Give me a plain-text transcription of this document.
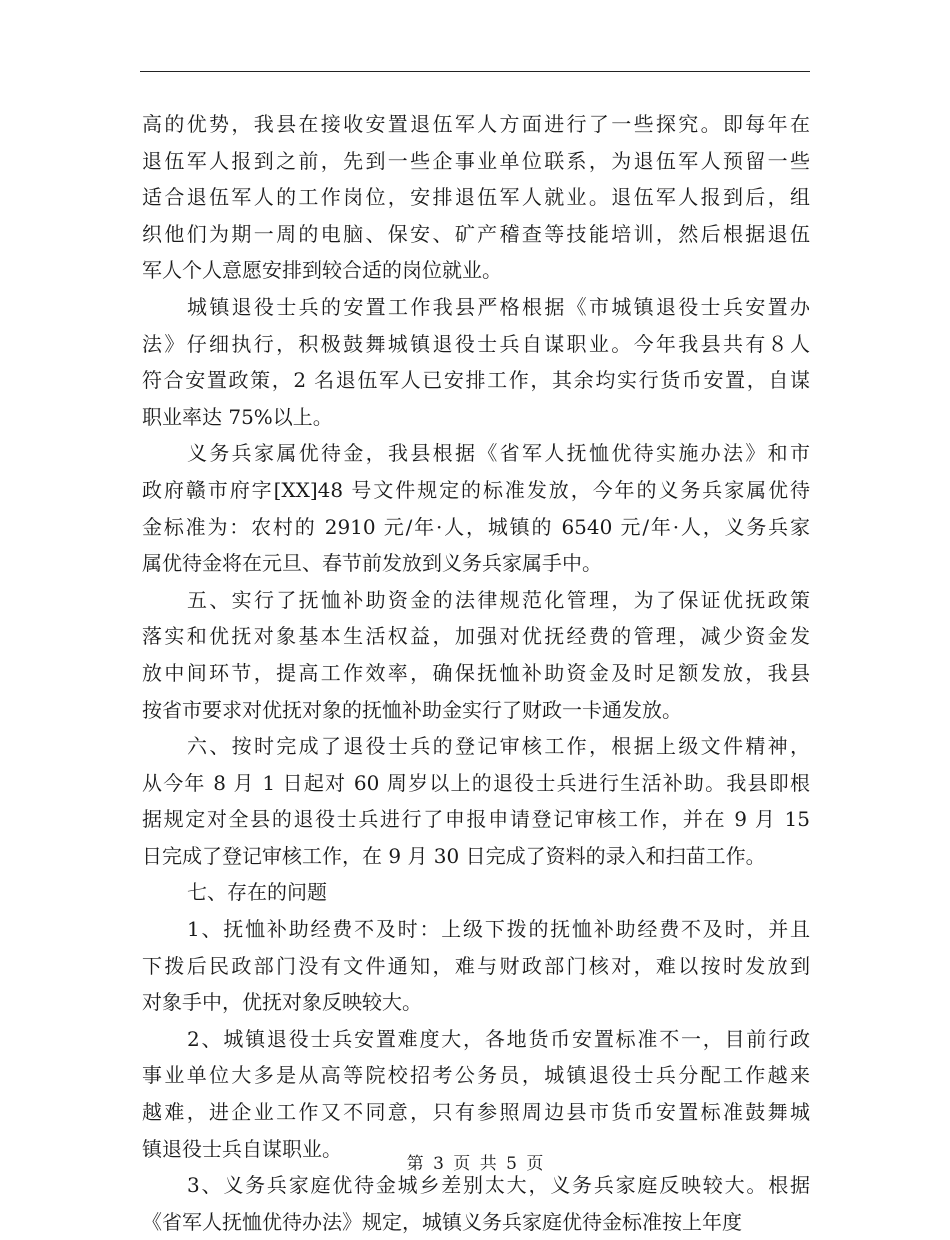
高的优势，我县在接收安置退伍军人方面进行了一些探究。即每年在
退伍军人报到之前，先到一些企事业单位联系，为退伍军人预留一些
适合退伍军人的工作岗位，安排退伍军人就业。退伍军人报到后，组
织他们为期一周的电脑、保安、矿产稽查等技能培训，然后根据退伍
军人个人意愿安排到较合适的岗位就业。
城镇退役士兵的安置工作我县严格根据《市城镇退役士兵安置办
法》仔细执行，积极鼓舞城镇退役士兵自谋职业。今年我县共有８人
符合安置政策，2 名退伍军人已安排工作，其余均实行货币安置，自谋
职业率达 75%以上。
义务兵家属优待金，我县根据《省军人抚恤优待实施办法》和市
政府赣市府字[XX]48 号文件规定的标准发放，今年的义务兵家属优待
金标准为：农村的 2910 元/年·人，城镇的 6540 元/年·人，义务兵家
属优待金将在元旦、春节前发放到义务兵家属手中。
五、实行了抚恤补助资金的法律规范化管理，为了保证优抚政策
落实和优抚对象基本生活权益，加强对优抚经费的管理，减少资金发
放中间环节，提高工作效率，确保抚恤补助资金及时足额发放，我县
按省市要求对优抚对象的抚恤补助金实行了财政一卡通发放。
六、按时完成了退役士兵的登记审核工作，根据上级文件精神，
从今年 8 月 1 日起对 60 周岁以上的退役士兵进行生活补助。我县即根
据规定对全县的退役士兵进行了申报申请登记审核工作，并在 9 月 15
日完成了登记审核工作，在 9 月 30 日完成了资料的录入和扫苗工作。
七、存在的问题
1、抚恤补助经费不及时：上级下拨的抚恤补助经费不及时，并且
下拨后民政部门没有文件通知，难与财政部门核对，难以按时发放到
对象手中，优抚对象反映较大。
2、城镇退役士兵安置难度大，各地货币安置标准不一，目前行政
事业单位大多是从高等院校招考公务员，城镇退役士兵分配工作越来
越难，进企业工作又不同意，只有参照周边县市货币安置标准鼓舞城
镇退役士兵自谋职业。
3、义务兵家庭优待金城乡差别太大，义务兵家庭反映较大。根据
《省军人抚恤优待办法》规定，城镇义务兵家庭优待金标准按上年度
第 3 页 共 5 页
